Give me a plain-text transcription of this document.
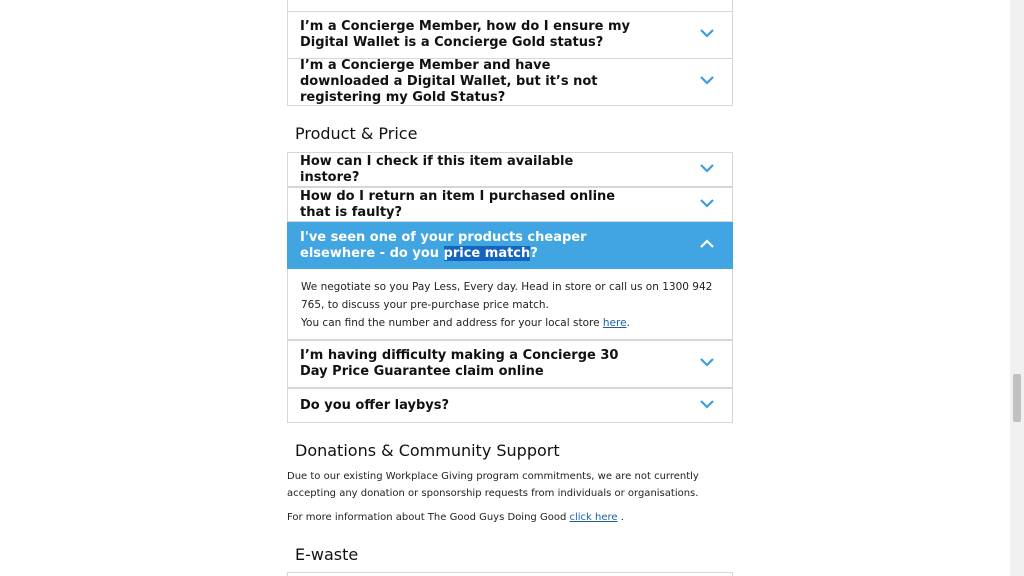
I’m a Concierge Member, how do I ensure my Digital Wallet is a Concierge Gold status?
I’m a Concierge Member and have downloaded a Digital Wallet, but it’s not registering my Gold Status?
Product & Price
How can I check if this item available instore?
How do I return an item I purchased online that is faulty?
I've seen one of your products cheaper elsewhere - do you price match?
We negotiate so you Pay Less, Every day. Head in store or call us on 1300 942 765, to discuss your pre-purchase price match.
You can find the number and address for your local store here.
I’m having difficulty making a Concierge 30 Day Price Guarantee claim online
Do you offer laybys?
Donations & Community Support
Due to our existing Workplace Giving program commitments, we are not currently accepting any donation or sponsorship requests from individuals or organisations.
For more information about The Good Guys Doing Good click here .
E-waste
